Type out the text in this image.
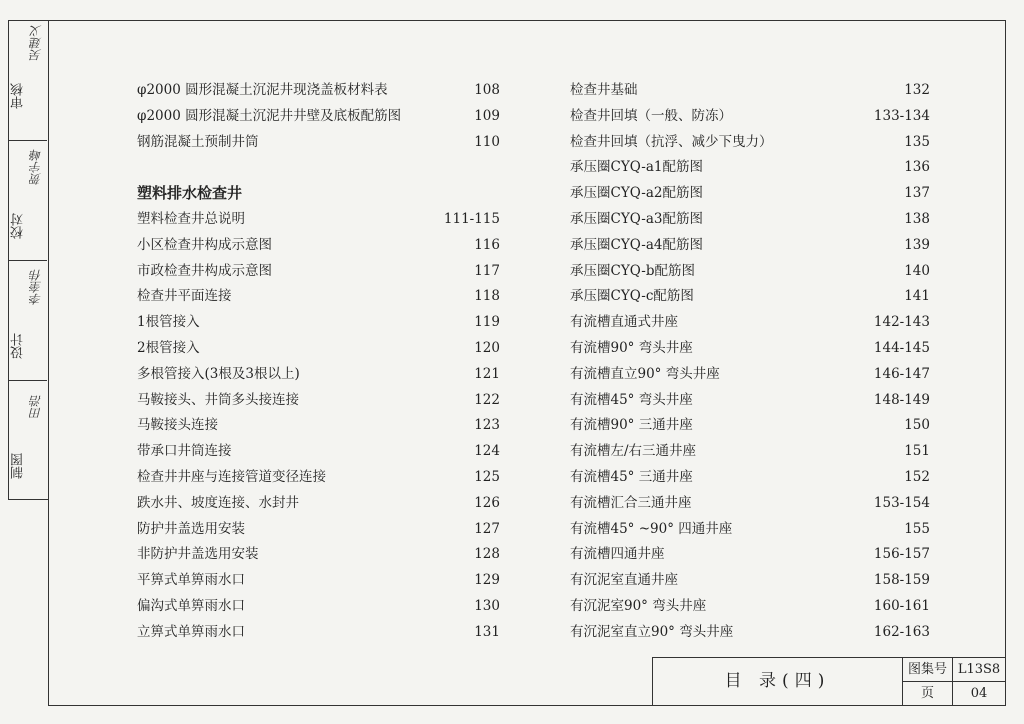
审核
吴建义
校对
贺宇峰
设计
李奎伟
制图
田浩
φ2000 圆形混凝土沉泥井现浇盖板材料表	108
φ2000 圆形混凝土沉泥井井壁及底板配筋图	109
钢筋混凝土预制井筒	110
塑料排水检查井
塑料检查井总说明	111-115
小区检查井构成示意图	116
市政检查井构成示意图	117
检查井平面连接	118
1根管接入	119
2根管接入	120
多根管接入(3根及3根以上)	121
马鞍接头、井筒多头接连接	122
马鞍接头连接	123
带承口井筒连接	124
检查井井座与连接管道变径连接	125
跌水井、坡度连接、水封井	126
防护井盖选用安装	127
非防护井盖选用安装	128
平箅式单箅雨水口	129
偏沟式单箅雨水口	130
立箅式单箅雨水口	131
检查井基础	132
检查井回填（一般、防冻）	133-134
检查井回填（抗浮、减少下曳力）	135
承压圈CYQ-a1配筋图	136
承压圈CYQ-a2配筋图	137
承压圈CYQ-a3配筋图	138
承压圈CYQ-a4配筋图	139
承压圈CYQ-b配筋图	140
承压圈CYQ-c配筋图	141
有流槽直通式井座	142-143
有流槽90° 弯头井座	144-145
有流槽直立90° 弯头井座	146-147
有流槽45° 弯头井座	148-149
有流槽90° 三通井座	150
有流槽左/右三通井座	151
有流槽45° 三通井座	152
有流槽汇合三通井座	153-154
有流槽45° ~90° 四通井座	155
有流槽四通井座	156-157
有沉泥室直通井座	158-159
有沉泥室90° 弯头井座	160-161
有沉泥室直立90° 弯头井座	162-163
目 录(四)
图集号 L13S8
页	04
